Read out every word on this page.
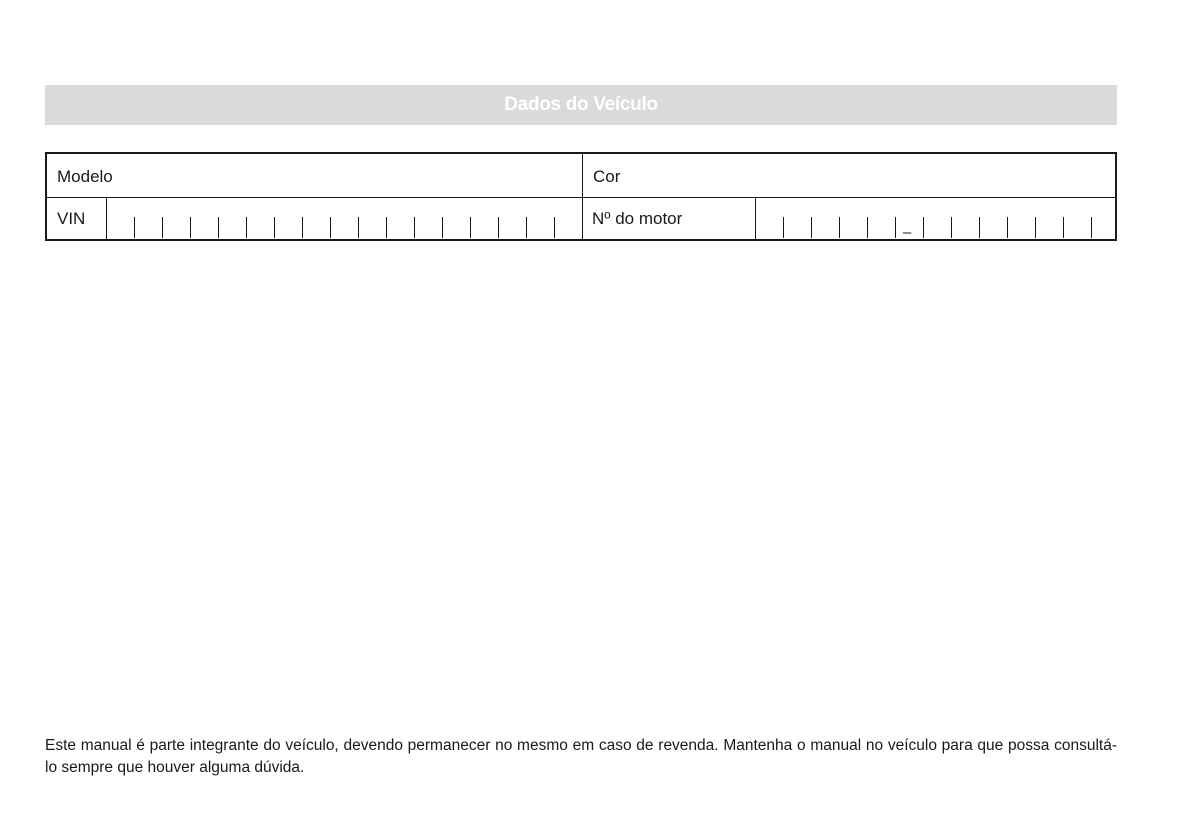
Dados do Veículo
Modelo	Cor
VIN	Nº do motor
–
Este manual é parte integrante do veículo, devendo permanecer no mesmo em caso de revenda. Mantenha o manual no veículo para que possa consultá-lo sempre que houver alguma dúvida.
